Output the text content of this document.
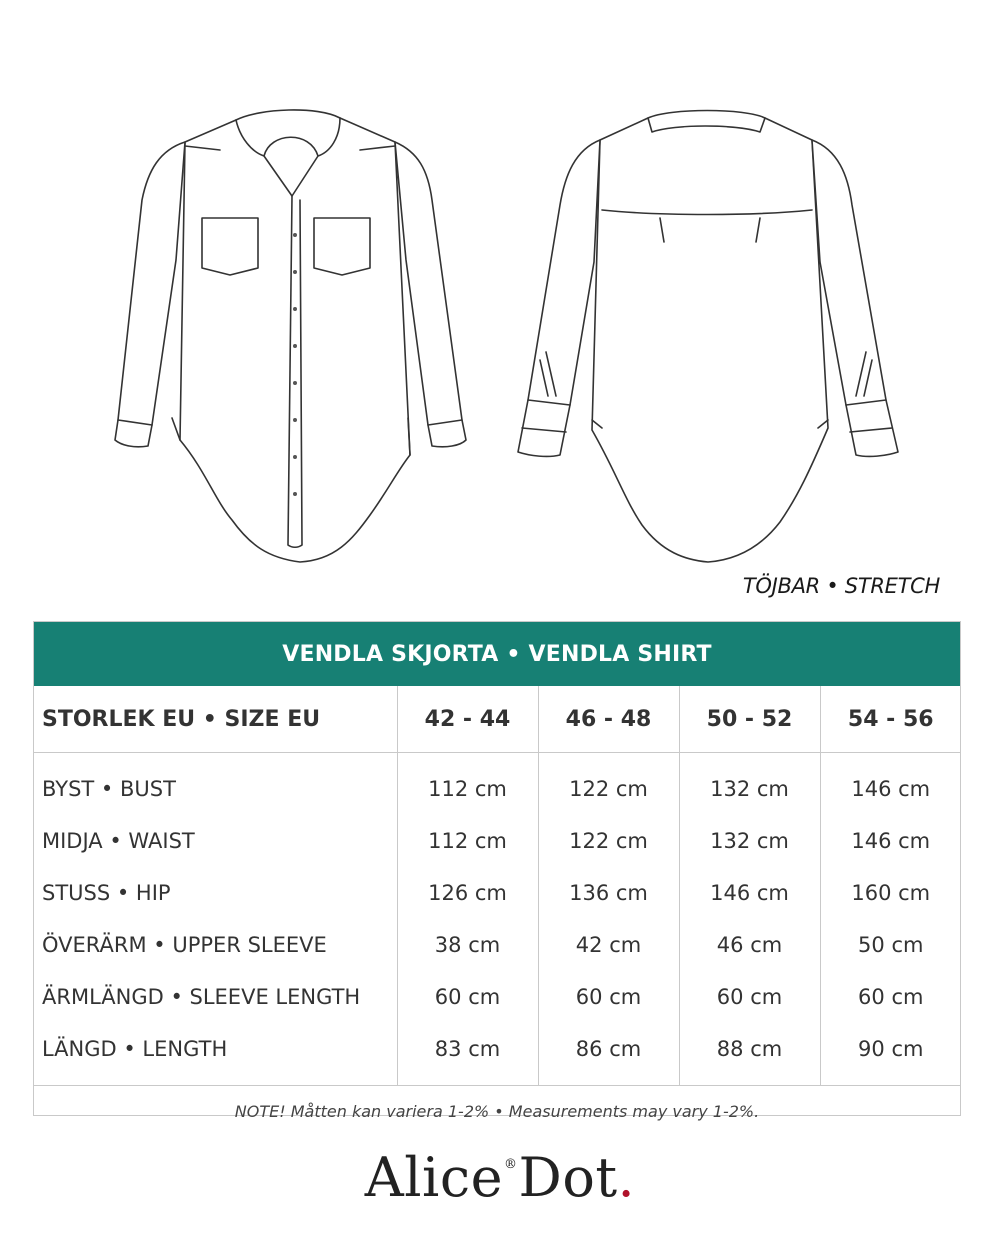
TÖJBAR • STRETCH
VENDLA SKJORTA • VENDLA SHIRT
STORLEK EU • SIZE EU	42 - 44	46 - 48	50 - 52	54 - 56
BYST • BUST	112 cm	122 cm	132 cm	146 cm
MIDJA • WAIST	112 cm	122 cm	132 cm	146 cm
STUSS • HIP	126 cm	136 cm	146 cm	160 cm
ÖVERÄRM • UPPER SLEEVE	38 cm	42 cm	46 cm	50 cm
ÄRMLÄNGD • SLEEVE LENGTH	60 cm	60 cm	60 cm	60 cm
LÄNGD • LENGTH	83 cm	86 cm	88 cm	90 cm
NOTE! Måtten kan variera 1-2% • Measurements may vary 1-2%.
Alice®Dot.
